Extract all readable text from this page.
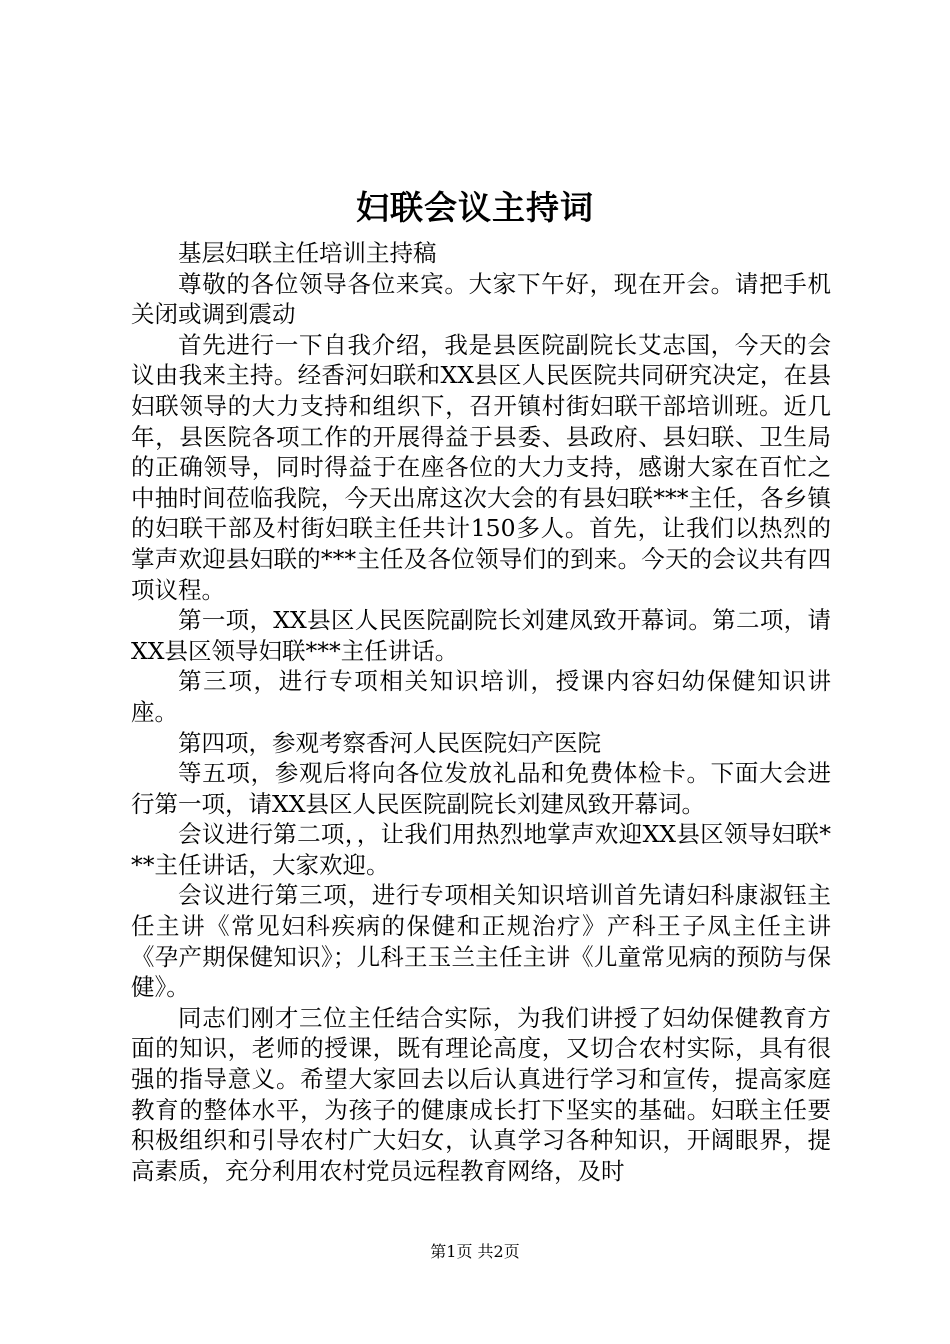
妇联会议主持词

基层妇联主任培训主持稿

尊敬的各位领导各位来宾。大家下午好，现在开会。请把手机关闭或调到震动

首先进行一下自我介绍，我是县医院副院长艾志国，今天的会议由我来主持。经香河妇联和XX县区人民医院共同研究决定，在县妇联领导的大力支持和组织下，召开镇村街妇联干部培训班。近几年，县医院各项工作的开展得益于县委、县政府、县妇联、卫生局的正确领导，同时得益于在座各位的大力支持，感谢大家在百忙之中抽时间莅临我院，今天出席这次大会的有县妇联***主任，各乡镇的妇联干部及村街妇联主任共计150多人。首先，让我们以热烈的掌声欢迎县妇联的***主任及各位领导们的到来。今天的会议共有四项议程。

第一项，XX县区人民医院副院长刘建凤致开幕词。第二项，请XX县区领导妇联***主任讲话。

第三项，进行专项相关知识培训，授课内容妇幼保健知识讲座。

第四项，参观考察香河人民医院妇产医院

等五项，参观后将向各位发放礼品和免费体检卡。下面大会进行第一项，请XX县区人民医院副院长刘建凤致开幕词。

会议进行第二项，，让我们用热烈地掌声欢迎XX县区领导妇联***主任讲话，大家欢迎。

会议进行第三项，进行专项相关知识培训首先请妇科康淑钰主任主讲《常见妇科疾病的保健和正规治疗》产科王子凤主任主讲《孕产期保健知识》；儿科王玉兰主任主讲《儿童常见病的预防与保健》。

同志们刚才三位主任结合实际，为我们讲授了妇幼保健教育方面的知识，老师的授课，既有理论高度，又切合农村实际，具有很强的指导意义。希望大家回去以后认真进行学习和宣传，提高家庭教育的整体水平，为孩子的健康成长打下坚实的基础。妇联主任要积极组织和引导农村广大妇女，认真学习各种知识，开阔眼界，提高素质，充分利用农村党员远程教育网络，及时

第1页 共2页
